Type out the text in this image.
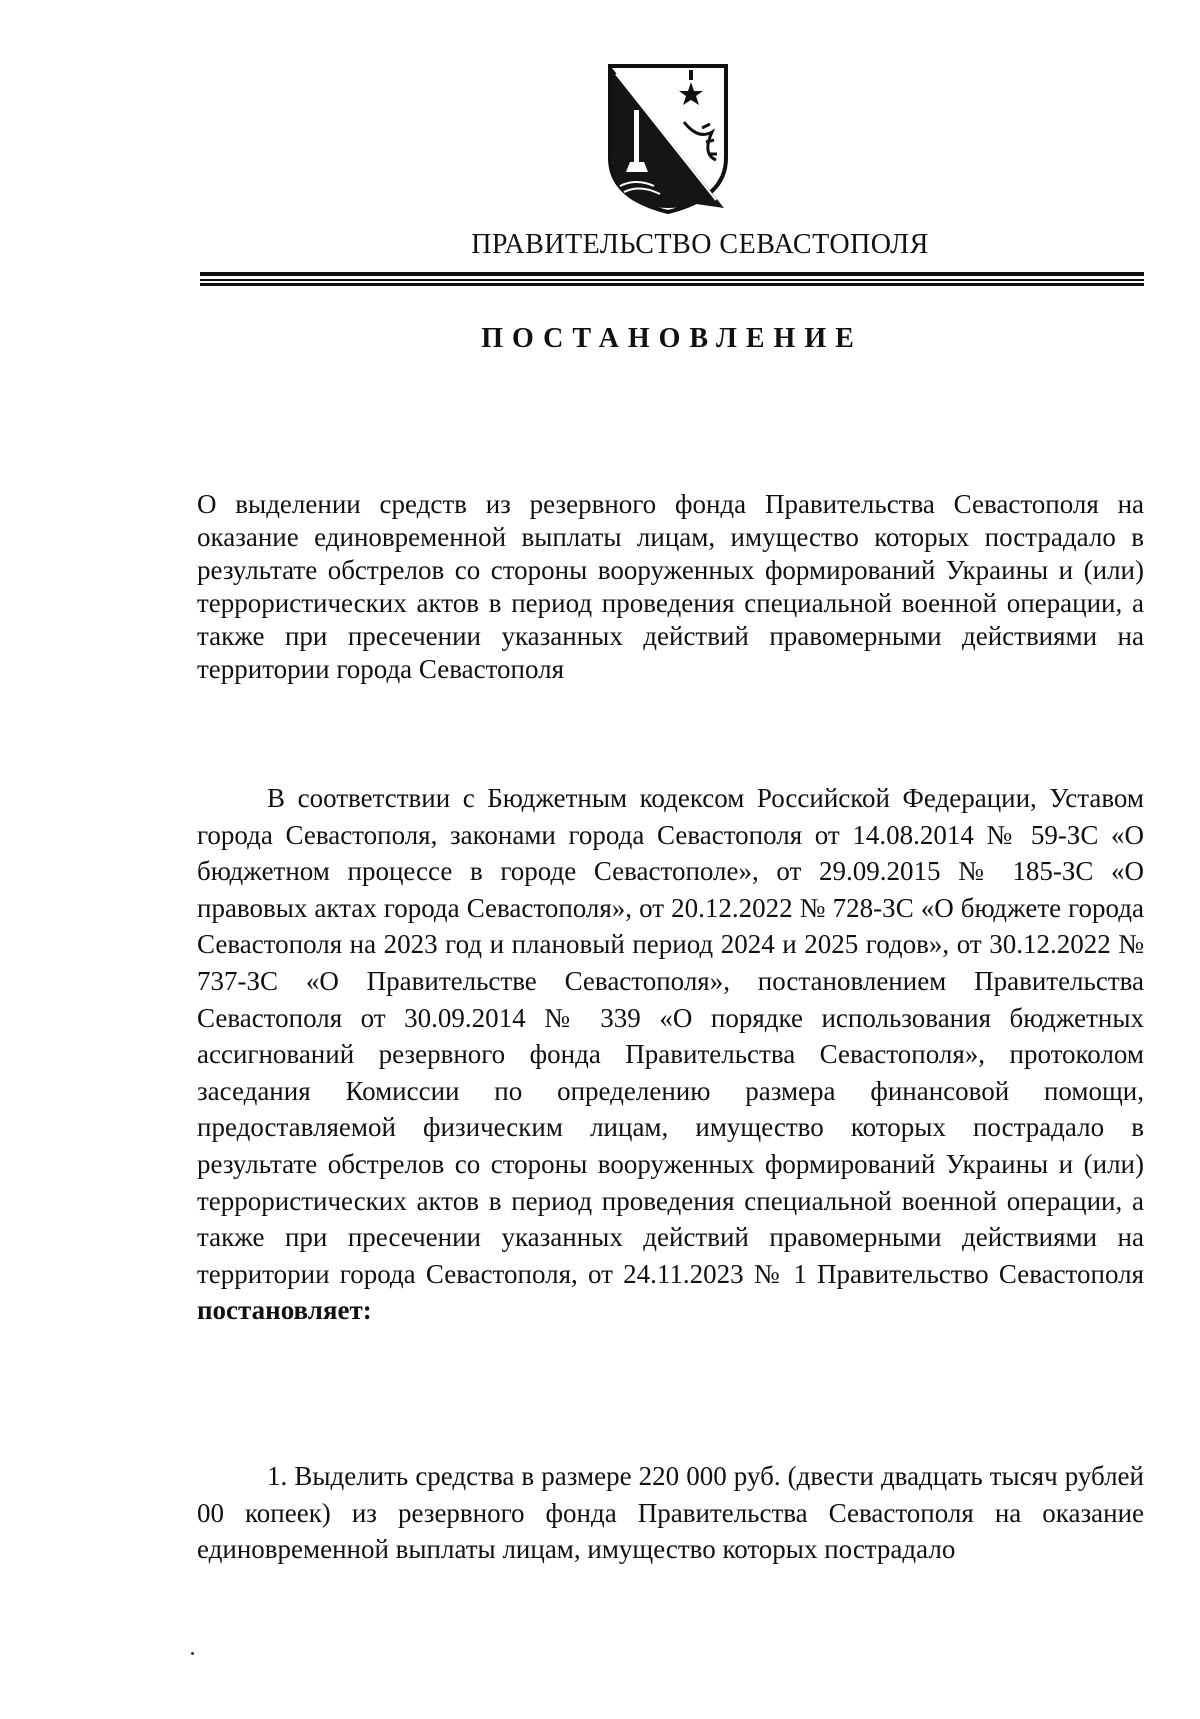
ПРАВИТЕЛЬСТВО СЕВАСТОПОЛЯ
ПОСТАНОВЛЕНИЕ
О выделении средств из резервного фонда Правительства Севастополя на оказание единовременной выплаты лицам, имущество которых пострадало в результате обстрелов со стороны вооруженных формирований Украины и (или) террористических актов в период проведения специальной военной операции, а также при пресечении указанных действий правомерными действиями на территории города Севастополя
В соответствии с Бюджетным кодексом Российской Федерации, Уставом города Севастополя, законами города Севастополя от 14.08.2014 № 59-ЗС «О бюджетном процессе в городе Севастополе», от 29.09.2015 № 185-ЗС «О правовых актах города Севастополя», от 20.12.2022 № 728-ЗС «О бюджете города Севастополя на 2023 год и плановый период 2024 и 2025 годов», от 30.12.2022 № 737-ЗС «О Правительстве Севастополя», постановлением Правительства Севастополя от 30.09.2014 № 339 «О порядке использования бюджетных ассигнований резервного фонда Правительства Севастополя», протоколом заседания Комиссии по определению размера финансовой помощи, предоставляемой физическим лицам, имущество которых пострадало в результате обстрелов со стороны вооруженных формирований Украины и (или) террористических актов в период проведения специальной военной операции, а также при пресечении указанных действий правомерными действиями на территории города Севастополя, от 24.11.2023 № 1 Правительство Севастополя постановляет:
1. Выделить средства в размере 220 000 руб. (двести двадцать тысяч рублей 00 копеек) из резервного фонда Правительства Севастополя на оказание единовременной выплаты лицам, имущество которых пострадало
